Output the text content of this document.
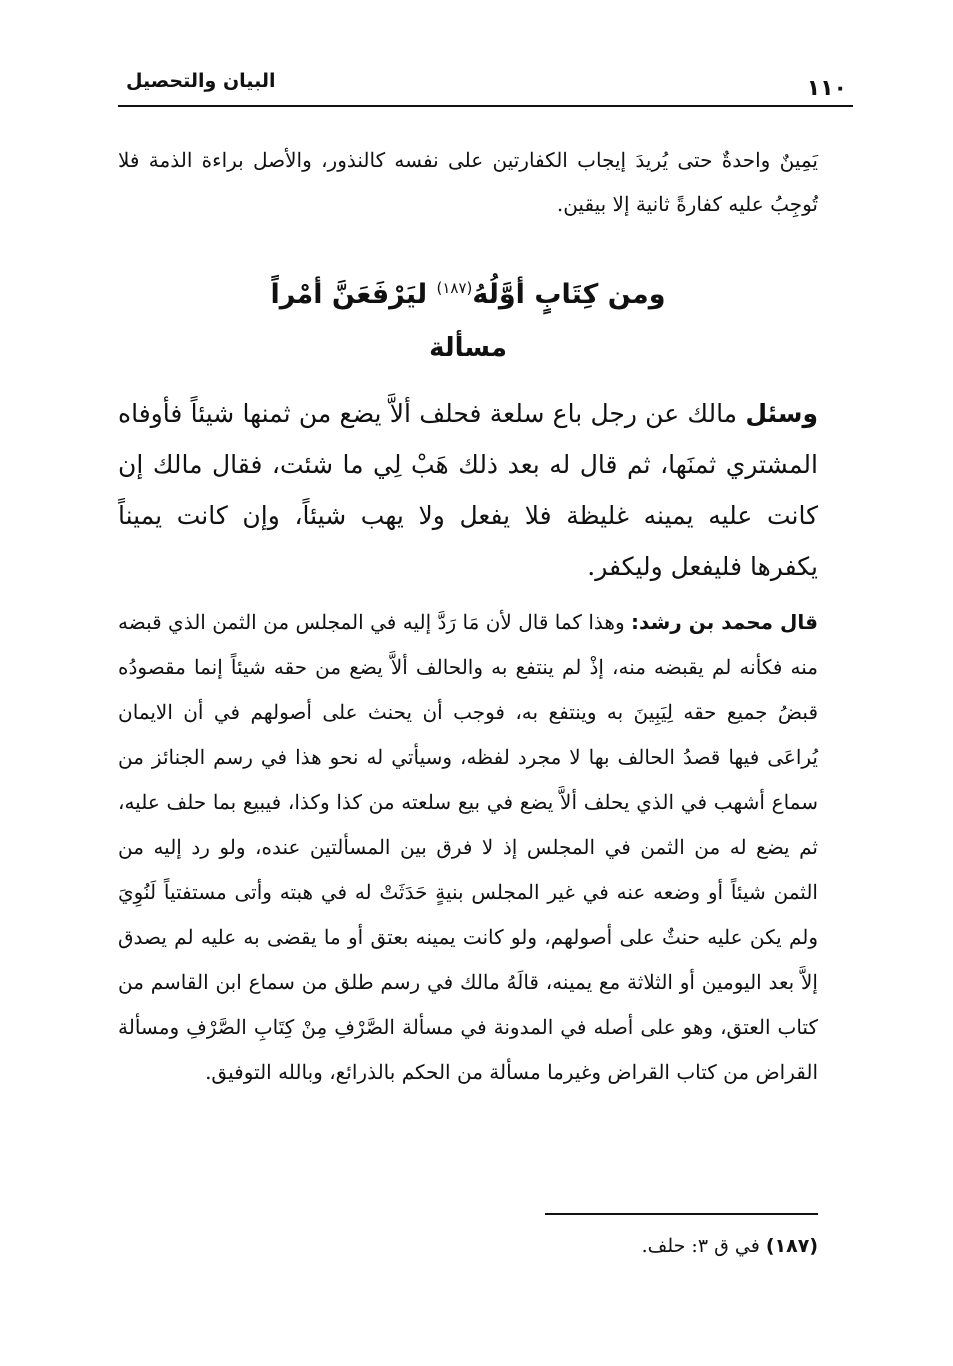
البيان والتحصيل	١١٠
يَمِينٌ واحدةٌ حتى يُريدَ إيجاب الكفارتين على نفسه كالنذور، والأصل براءة الذمة فلا تُوجِبُ عليه كفارةً ثانية إلا بيقين.
ومن كِتَابٍ أوَّلُهُ$^{(١٨٧)}$ ليَرْفَعَنَّ أمْراً
مسألة
وسئل مالك عن رجل باع سلعة فحلف ألاَّ يضع من ثمنها شيئاً فأوفاه المشتري ثمنَها، ثم قال له بعد ذلك هَبْ لِي ما شئت، فقال مالك إن كانت عليه يمينه غليظة فلا يفعل ولا يهب شيئاً، وإن كانت يميناً يكفرها فليفعل وليكفر.
قال محمد بن رشد: وهذا كما قال لأن مَا رَدَّ إليه في المجلس من الثمن الذي قبضه منه فكأنه لم يقبضه منه، إذْ لم ينتفع به والحالف ألاَّ يضع من حقه شيئاً إنما مقصودُه قبضُ جميع حقه لِيَبِينَ به وينتفع به، فوجب أن يحنث على أصولهم في أن الايمان يُراعَى فيها قصدُ الحالف بها لا مجرد لفظه، وسيأتي له نحو هذا في رسم الجنائز من سماع أشهب في الذي يحلف ألاَّ يضع في بيع سلعته من كذا وكذا، فيبيع بما حلف عليه، ثم يضع له من الثمن في المجلس إذ لا فرق بين المسألتين عنده، ولو رد إليه من الثمن شيئاً أو وضعه عنه في غير المجلس بنيةٍ حَدَثَتْ له في هبته وأتى مستفتياً لَنُوِيَ ولم يكن عليه حنثٌ على أصولهم، ولو كانت يمينه بعتق أو ما يقضى به عليه لم يصدق إلاَّ بعد اليومين أو الثلاثة مع يمينه، قالَهُ مالك في رسم طلق من سماع ابن القاسم من كتاب العتق، وهو على أصله في المدونة في مسألة الصَّرْفِ مِنْ كِتَابِ الصَّرْفِ ومسألة القراض من كتاب القراض وغيرما مسألة من الحكم بالذرائع، وبالله التوفيق.
(١٨٧) في ق ٣: حلف.
